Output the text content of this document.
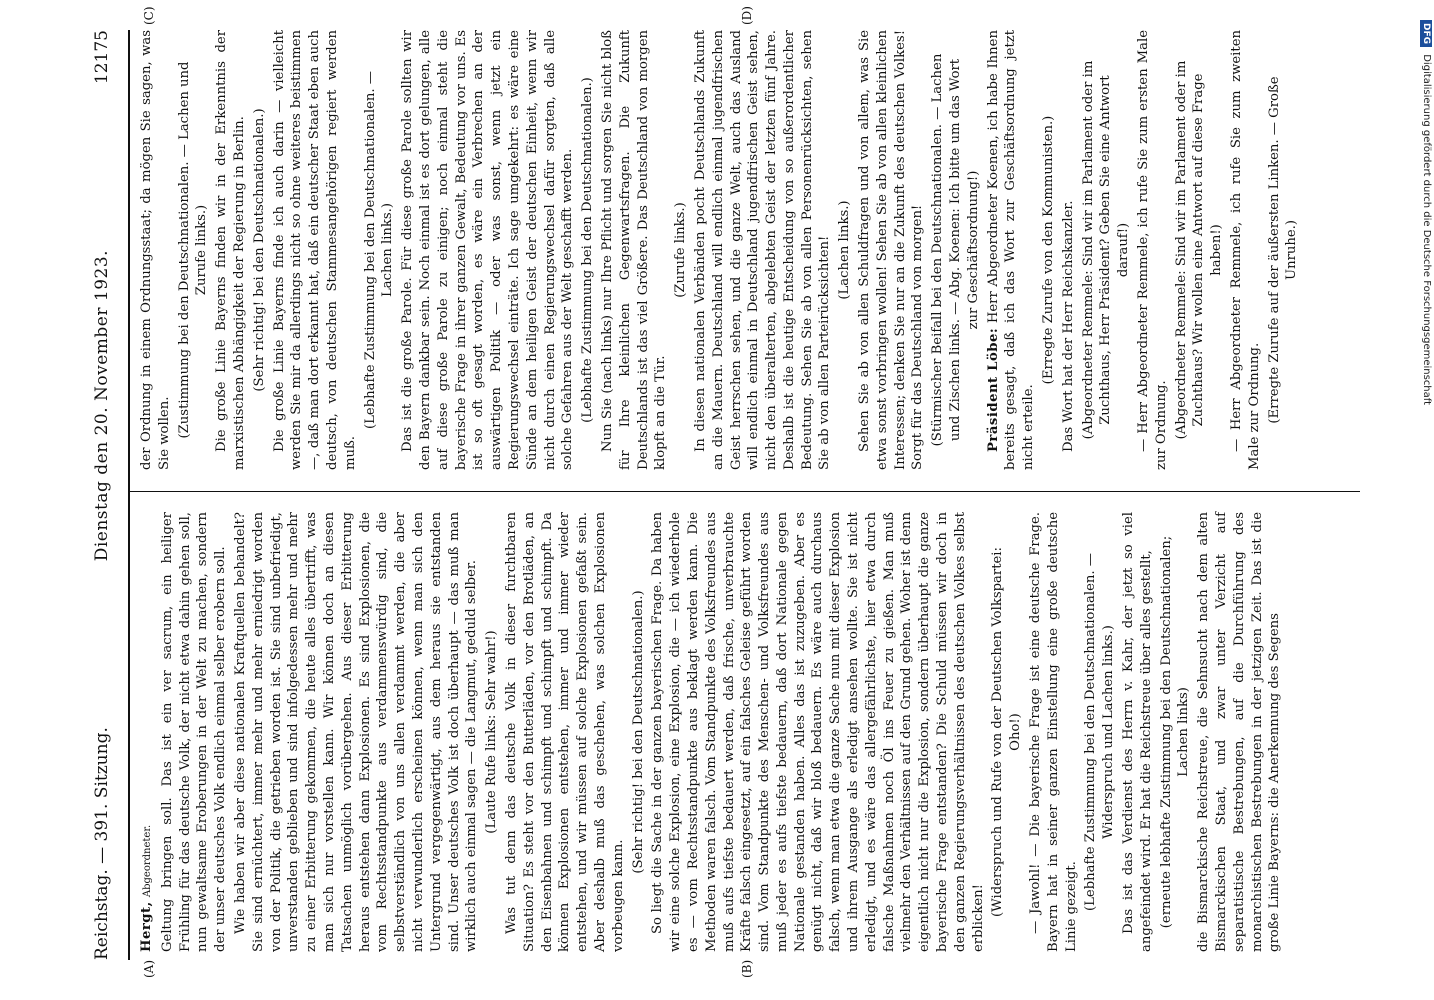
Reichstag. — 391. Sitzung.
Dienstag den 20. November 1923.
12175
(A)	(B)
(C)	(D)

Hergt, Abgeordneter. Geltung bringen soll. Das ist ein ver sacrum, ein heiliger Frühling für das deutsche Volk, der nicht etwa dahin gehen soll, nun gewaltsame Eroberungen in der Welt zu machen, sondern der unser deutsches Volk endlich einmal selber erobern soll. Wie haben wir aber diese nationalen Kraftquellen behandelt? Sie sind ernüchtert, immer mehr und mehr erniedrigt worden von der Politik, die getrieben worden ist. Sie sind unbefriedigt, unverstanden geblieben und sind infolgedessen mehr und mehr zu einer Erbitterung gekommen, die heute alles übertrifft, was man sich nur vorstellen kann. Wir können doch an diesen Tatsachen unmöglich vorübergehen. Aus dieser Erbitterung heraus entstehen dann Explosionen. Es sind Explosionen, die vom Rechtsstandpunkte aus verdammenswürdig sind, die selbstverständlich von uns allen verdammt werden, die aber nicht verwunderlich erscheinen können, wenn man sich den Untergrund vergegenwärtigt, aus dem heraus sie entstanden sind. Unser deutsches Volk ist doch überhaupt — das muß man wirklich auch einmal sagen — die Langmut, geduld selber. (Laute Rufe links: Sehr wahr!) Was tut denn das deutsche Volk in dieser furchtbaren Situation? Es steht vor den Butterläden, vor den Brotläden, an den Eisenbahnen und schimpft und schimpft und schimpft. Da können Explosionen entstehen, immer und immer wieder entstehen, und wir müssen auf solche Explosionen gefaßt sein. Aber deshalb muß das geschehen, was solchen Explosionen vorbeugen kann.

(Sehr richtig! bei den Deutschnationalen.) So liegt die Sache in der ganzen bayerischen Frage. Da haben wir eine solche Explosion, eine Explosion, die — ich wiederhole es — vom Rechtsstandpunkte aus beklagt werden kann. Die Methoden waren falsch. Vom Standpunkte des Volksfreundes aus muß aufs tiefste bedauert werden, daß frische, unverbrauchte Kräfte falsch eingesetzt, auf ein falsches Geleise geführt worden sind. Vom Standpunkte des Menschen- und Volksfreundes aus muß jeder es aufs tiefste bedauern, daß dort Nationale gegen Nationale gestanden haben. Alles das ist zuzugeben. Aber es genügt nicht, daß wir bloß bedauern. Es wäre auch durchaus falsch, wenn man etwa die ganze Sache nun mit dieser Explosion und ihrem Ausgange als erledigt ansehen wollte. Sie ist nicht erledigt, und es wäre das allergefährlichste, hier etwa durch falsche Maßnahmen noch Öl ins Feuer zu gießen. Man muß vielmehr den Verhältnissen auf den Grund gehen. Woher ist denn eigentlich nicht nur die Explosion, sondern überhaupt die ganze bayerische Frage entstanden? Die Schuld müssen wir doch in den ganzen Regierungsverhältnissen des deutschen Volkes selbst erblicken!

(Widerspruch und Rufe von der Deutschen Volkspartei: Oho!) — Jawohl! — Die bayerische Frage ist eine deutsche Frage. Bayern hat in seiner ganzen Einstellung eine große deutsche Linie gezeigt. (Lebhafte Zustimmung bei den Deutschnationalen. — Widerspruch und Lachen links.) Das ist das Verdienst des Herrn v. Kahr, der jetzt so viel angefeindet wird. Er hat die Reichstreue über alles gestellt, (erneute lebhafte Zustimmung bei den Deutschnationalen; Lachen links) die Bismarckische Reichstreue, die Sehnsucht nach dem alten Bismarckischen Staat, und zwar unter Verzicht auf separatistische Bestrebungen, auf die Durchführung des monarchistischen Bestrebungen in der jetzigen Zeit. Das ist die große Linie Bayerns: die Anerkennung des Segens

der Ordnung in einem Ordnungsstaat; da mögen Sie sagen, was Sie wollen. (Zustimmung bei den Deutschnationalen. — Lachen und Zurufe links.) Die große Linie Bayerns finden wir in der Erkenntnis der marxistischen Abhängigkeit der Regierung in Berlin. (Sehr richtig! bei den Deutschnationalen.) Die große Linie Bayerns finde ich auch darin — vielleicht werden Sie mir da allerdings nicht so ohne weiteres beistimmen —, daß man dort erkannt hat, daß ein deutscher Staat eben auch deutsch, von deutschen Stammesangehörigen regiert werden muß.

(Lebhafte Zustimmung bei den Deutschnationalen. — Lachen links.) Das ist die große Parole. Für diese große Parole sollten wir den Bayern dankbar sein. Noch einmal ist es dort gelungen, alle auf diese große Parole zu einigen; noch einmal steht die bayerische Frage in ihrer ganzen Gewalt, Bedeutung vor uns. Es ist so oft gesagt worden, es wäre ein Verbrechen an der auswärtigen Politik — oder was sonst, wenn jetzt ein Regierungswechsel einträte. Ich sage umgekehrt: es wäre eine Sünde an dem heiligen Geist der deutschen Einheit, wenn wir nicht durch einen Regierungswechsel dafür sorgten, daß alle solche Gefahren aus der Welt geschafft werden. (Lebhafte Zustimmung bei den Deutschnationalen.) Nun Sie (nach links) nur Ihre Pflicht und sorgen Sie nicht bloß für Ihre kleinlichen Gegenwartsfragen. Die Zukunft Deutschlands ist das viel Größere. Das Deutschland von morgen klopft an die Tür.

(Zurufe links.) In diesen nationalen Verbänden pocht Deutschlands Zukunft an die Mauern. Deutschland will endlich einmal jugendfrischen Geist herrschen sehen, und die ganze Welt, auch das Ausland will endlich einmal in Deutschland jugendfrischen Geist sehen, nicht den überalterten, abgelebten Geist der letzten fünf Jahre. Deshalb ist die heutige Entscheidung von so außerordentlicher Bedeutung. Sehen Sie ab von allen Personenrücksichten, sehen Sie ab von allen Parteirücksichten! (Lachen links.) Sehen Sie ab von allen Schuldfragen und von allem, was Sie etwa sonst vorbringen wollen! Sehen Sie ab von allen kleinlichen Interessen; denken Sie nur an die Zukunft des deutschen Volkes! Sorgt für das Deutschland von morgen! (Stürmischer Beifall bei den Deutschnationalen. — Lachen und Zischen links. — Abg. Koenen: Ich bitte um das Wort zur Geschäftsordnung!)

Präsident Löbe: Herr Abgeordneter Koenen, ich habe Ihnen bereits gesagt, daß ich das Wort zur Geschäftsordnung jetzt nicht erteile.

(Erregte Zurufe von den Kommunisten.) Das Wort hat der Herr Reichskanzler. (Abgeordneter Remmele: Sind wir im Parlament oder im Zuchthaus, Herr Präsident? Geben Sie eine Antwort darauf!) — Herr Abgeordneter Remmele, ich rufe Sie zum ersten Male zur Ordnung. (Abgeordneter Remmele: Sind wir im Parlament oder im Zuchthaus? Wir wollen eine Antwort auf diese Frage haben!) — Herr Abgeordneter Remmele, ich rufe Sie zum zweiten Male zur Ordnung. (Erregte Zurufe auf der äußersten Linken. — Große Unruhe.)

DFG Digitalisierung gefördert durch die Deutsche Forschungsgemeinschaft
